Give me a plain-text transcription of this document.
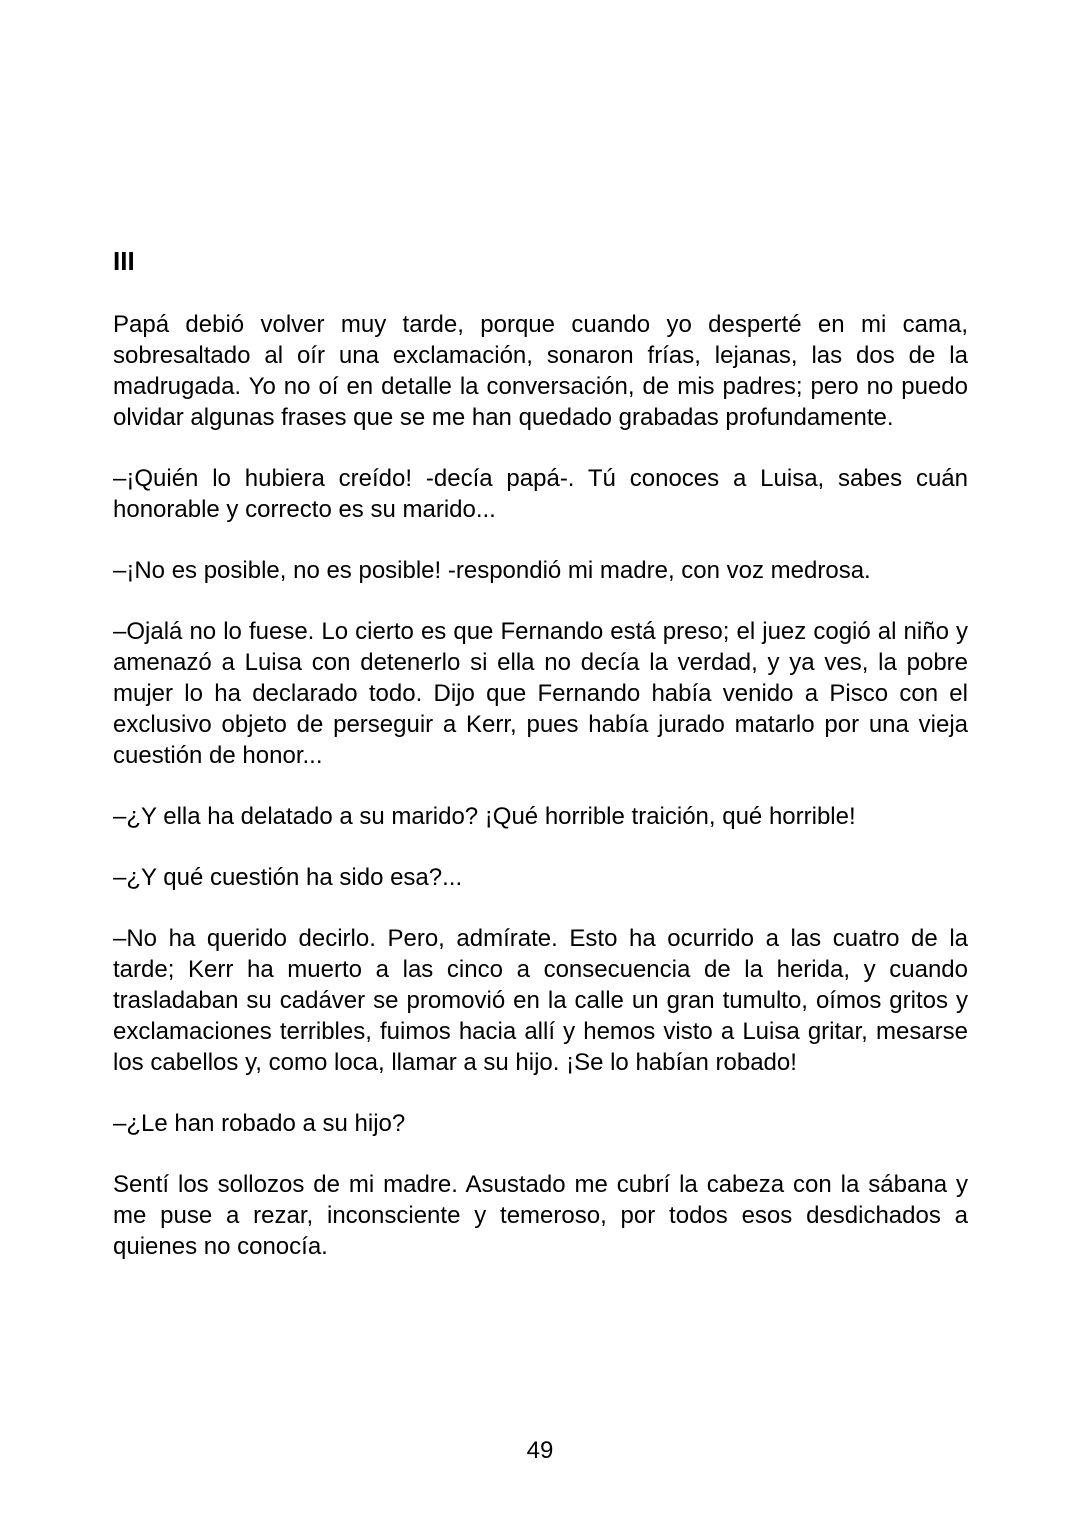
III

Papá debió volver muy tarde, porque cuando yo desperté en mi cama, sobresaltado al oír una exclamación, sonaron frías, lejanas, las dos de la madrugada. Yo no oí en detalle la conversación, de mis padres; pero no puedo olvidar algunas frases que se me han quedado grabadas profundamente.

–¡Quién lo hubiera creído! -decía papá-. Tú conoces a Luisa, sabes cuán honorable y correcto es su marido...

–¡No es posible, no es posible! -respondió mi madre, con voz medrosa.

–Ojalá no lo fuese. Lo cierto es que Fernando está preso; el juez cogió al niño y amenazó a Luisa con detenerlo si ella no decía la verdad, y ya ves, la pobre mujer lo ha declarado todo. Dijo que Fernando había venido a Pisco con el exclusivo objeto de perseguir a Kerr, pues había jurado matarlo por una vieja cuestión de honor...

–¿Y ella ha delatado a su marido? ¡Qué horrible traición, qué horrible!

–¿Y qué cuestión ha sido esa?...

–No ha querido decirlo. Pero, admírate. Esto ha ocurrido a las cuatro de la tarde; Kerr ha muerto a las cinco a consecuencia de la herida, y cuando trasladaban su cadáver se promovió en la calle un gran tumulto, oímos gritos y exclamaciones terribles, fuimos hacia allí y hemos visto a Luisa gritar, mesarse los cabellos y, como loca, llamar a su hijo. ¡Se lo habían robado!

–¿Le han robado a su hijo?

Sentí los sollozos de mi madre. Asustado me cubrí la cabeza con la sábana y me puse a rezar, inconsciente y temeroso, por todos esos desdichados a quienes no conocía.

49
